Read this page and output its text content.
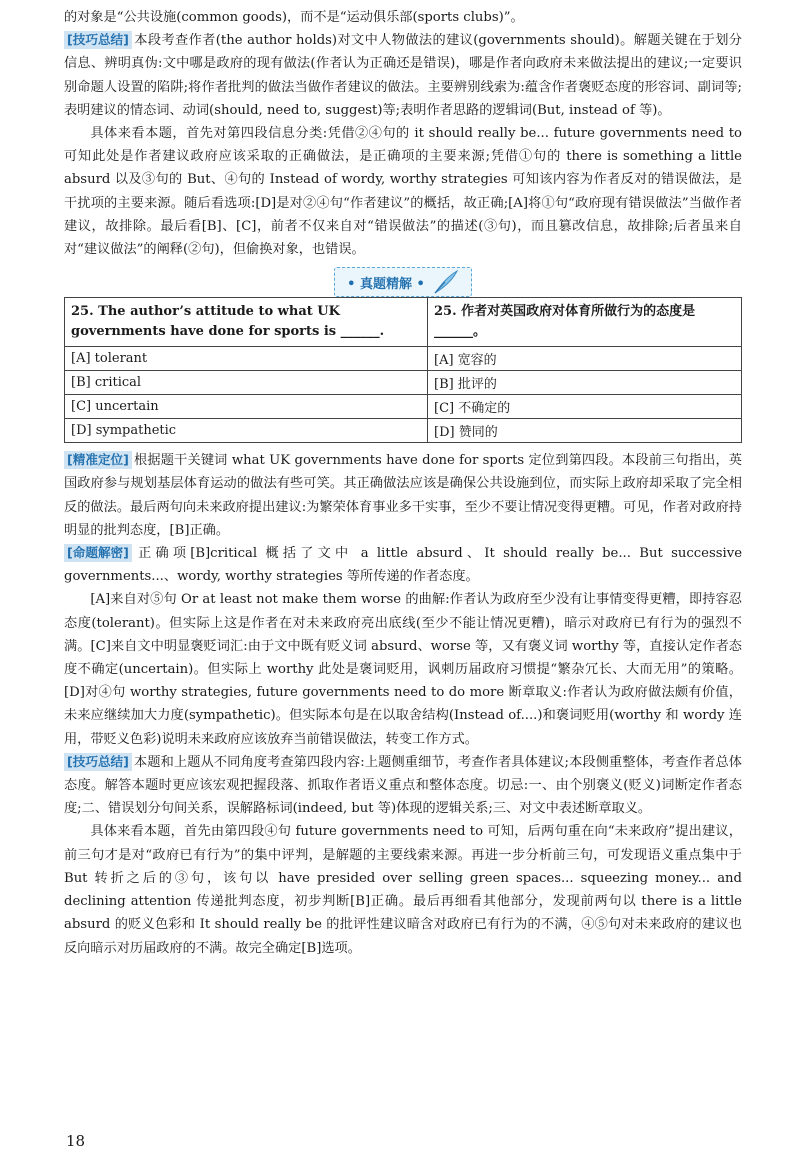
的对象是“公共设施(common goods)，而不是“运动俱乐部(sports clubs)”。

[技巧总结] 本段考查作者(the author holds)对文中人物做法的建议(governments should)。解题关键在于划分信息、辨明真伪:文中哪是政府的现有做法(作者认为正确还是错误)，哪是作者向政府未来做法提出的建议;一定要识别命题人设置的陷阱;将作者批判的做法当做作者建议的做法。主要辨别线索为:蕴含作者褒贬态度的形容词、副词等;表明建议的情态词、动词(should, need to, suggest)等;表明作者思路的逻辑词(But, instead of 等)。

具体来看本题，首先对第四段信息分类:凭借②④句的 it should really be... future governments need to 可知此处是作者建议政府应该采取的正确做法，是正确项的主要来源;凭借①句的 there is something a little absurd 以及③句的 But、④句的 Instead of wordy, worthy strategies 可知该内容为作者反对的错误做法，是干扰项的主要来源。随后看选项:[D]是对②④句“作者建议”的概括，故正确;[A]将①句“政府现有错误做法”当做作者建议，故排除。最后看[B]、[C]，前者不仅来自对“错误做法”的描述(③句)，而且篡改信息，故排除;后者虽来自对“建议做法”的阐释(②句)，但偷换对象，也错误。

• 真题精解 •
25. The author’s attitude to what UK governments have done for sports is ______.	25. 作者对英国政府对体育所做行为的态度是______。
[A] tolerant	[A] 宽容的
[B] critical	[B] 批评的
[C] uncertain	[C] 不确定的
[D] sympathetic	[D] 赞同的

[精准定位] 根据题干关键词 what UK governments have done for sports 定位到第四段。本段前三句指出，英国政府参与规划基层体育运动的做法有些可笑。其正确做法应该是确保公共设施到位，而实际上政府却采取了完全相反的做法。最后两句向未来政府提出建议:为繁荣体育事业多干实事，至少不要让情况变得更糟。可见，作者对政府持明显的批判态度，[B]正确。

[命题解密] 正确项[B]critical 概括了文中 a little absurd、It should really be... But successive governments...、wordy, worthy strategies 等所传递的作者态度。

[A]来自对⑤句 Or at least not make them worse 的曲解:作者认为政府至少没有让事情变得更糟，即持容忍态度(tolerant)。但实际上这是作者在对未来政府亮出底线(至少不能让情况更糟)，暗示对政府已有行为的强烈不满。[C]来自文中明显褒贬词汇:由于文中既有贬义词 absurd、worse 等，又有褒义词 worthy 等，直接认定作者态度不确定(uncertain)。但实际上 worthy 此处是褒词贬用，讽刺历届政府习惯提“繁杂冗长、大而无用”的策略。[D]对④句 worthy strategies, future governments need to do more 断章取义:作者认为政府做法颇有价值，未来应继续加大力度(sympathetic)。但实际本句是在以取舍结构(Instead of....)和褒词贬用(worthy 和 wordy 连用，带贬义色彩)说明未来政府应该放弃当前错误做法，转变工作方式。

[技巧总结] 本题和上题从不同角度考查第四段内容:上题侧重细节，考查作者具体建议;本段侧重整体，考查作者总体态度。解答本题时更应该宏观把握段落、抓取作者语义重点和整体态度。切忌:一、由个别褒义(贬义)词断定作者态度;二、错误划分句间关系，误解路标词(indeed, but 等)体现的逻辑关系;三、对文中表述断章取义。

具体来看本题，首先由第四段④句 future governments need to 可知，后两句重在向“未来政府”提出建议，前三句才是对“政府已有行为”的集中评判，是解题的主要线索来源。再进一步分析前三句，可发现语义重点集中于 But 转折之后的③句，该句以 have presided over selling green spaces... squeezing money... and declining attention 传递批判态度，初步判断[B]正确。最后再细看其他部分，发现前两句以 there is a little absurd 的贬义色彩和 It should really be 的批评性建议暗含对政府已有行为的不满，④⑤句对未来政府的建议也反向暗示对历届政府的不满。故完全确定[B]选项。

18
